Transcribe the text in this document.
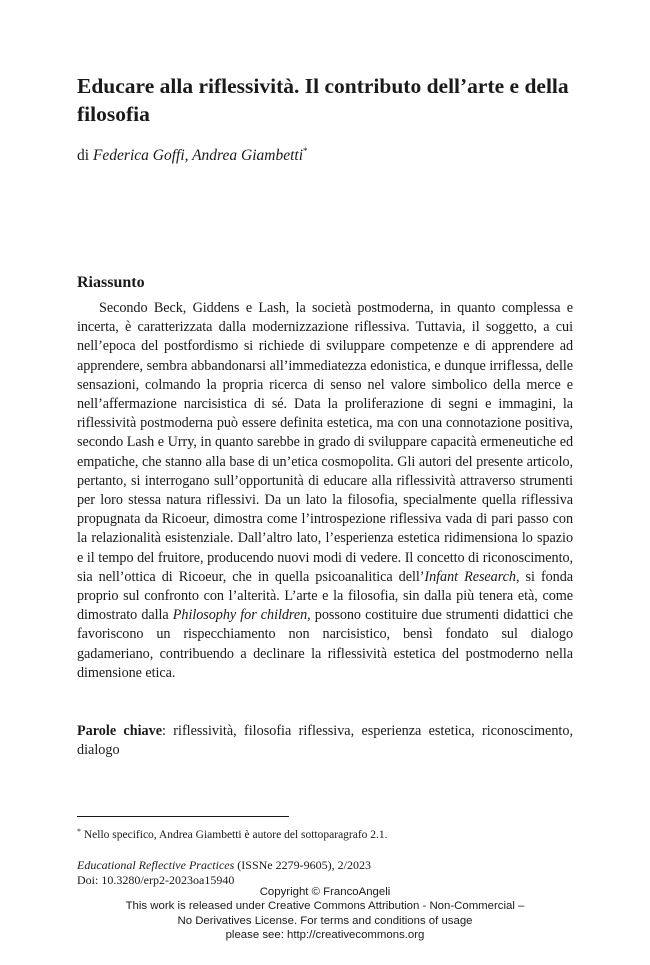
Educare alla riflessività. Il contributo dell’arte e della filosofia

di Federica Goffi, Andrea Giambetti*

Riassunto

Secondo Beck, Giddens e Lash, la società postmoderna, in quanto complessa e incerta, è caratterizzata dalla modernizzazione riflessiva. Tuttavia, il soggetto, a cui nell’epoca del postfordismo si richiede di sviluppare competenze e di apprendere ad apprendere, sembra abbandonarsi all’immediatezza edonistica, e dunque irriflessa, delle sensazioni, colmando la propria ricerca di senso nel valore simbolico della merce e nell’affermazione narcisistica di sé. Data la proliferazione di segni e immagini, la riflessività postmoderna può essere definita estetica, ma con una connotazione positiva, secondo Lash e Urry, in quanto sarebbe in grado di sviluppare capacità ermeneutiche ed empatiche, che stanno alla base di un’etica cosmopolita. Gli autori del presente articolo, pertanto, si interrogano sull’opportunità di educare alla riflessività attraverso strumenti per loro stessa natura riflessivi. Da un lato la filosofia, specialmente quella riflessiva propugnata da Ricoeur, dimostra come l’introspezione riflessiva vada di pari passo con la relazionalità esistenziale. Dall’altro lato, l’esperienza estetica ridimensiona lo spazio e il tempo del fruitore, producendo nuovi modi di vedere. Il concetto di riconoscimento, sia nell’ottica di Ricoeur, che in quella psicoanalitica dell’Infant Research, si fonda proprio sul confronto con l’alterità. L’arte e la filosofia, sin dalla più tenera età, come dimostrato dalla Philosophy for children, possono costituire due strumenti didattici che favoriscono un rispecchiamento non narcisistico, bensì fondato sul dialogo gadameriano, contribuendo a declinare la riflessività estetica del postmoderno nella dimensione etica.

Parole chiave: riflessività, filosofia riflessiva, esperienza estetica, riconoscimento, dialogo

* Nello specifico, Andrea Giambetti è autore del sottoparagrafo 2.1.

Educational Reflective Practices (ISSNe 2279-9605), 2/2023

Doi: 10.3280/erp2-2023oa15940

Copyright © FrancoAngeli
This work is released under Creative Commons Attribution - Non-Commercial –
No Derivatives License. For terms and conditions of usage
please see: http://creativecommons.org
